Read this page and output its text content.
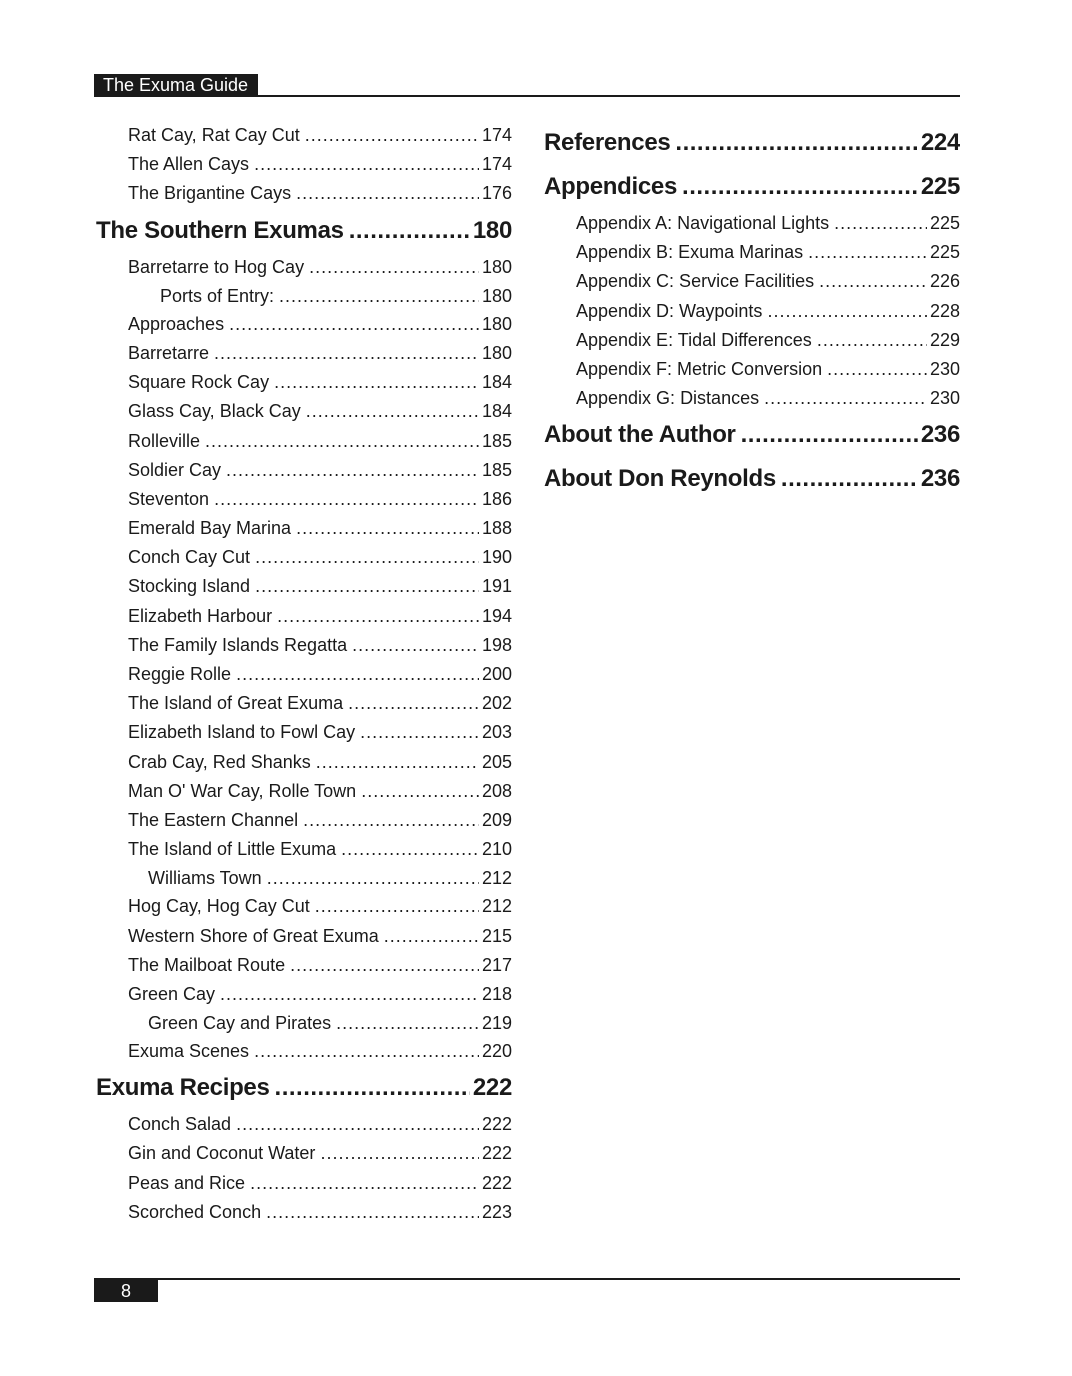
The Exuma Guide
Rat Cay, Rat Cay Cut .....	174
The Allen Cays .....	174
The Brigantine Cays .....	176
The Southern Exumas .....	180
Barretarre to Hog Cay .....	180
Ports of Entry: .....	180
Approaches .....	180
Barretarre .....	180
Square Rock Cay .....	184
Glass Cay, Black Cay .....	184
Rolleville .....	185
Soldier Cay .....	185
Steventon .....	186
Emerald Bay Marina .....	188
Conch Cay Cut .....	190
Stocking Island .....	191
Elizabeth Harbour .....	194
The Family Islands Regatta .....	198
Reggie Rolle .....	200
The Island of Great Exuma .....	202
Elizabeth Island to Fowl Cay .....	203
Crab Cay, Red Shanks .....	205
Man O' War Cay, Rolle Town .....	208
The Eastern Channel .....	209
The Island of Little Exuma .....	210
Williams Town .....	212
Hog Cay, Hog Cay Cut .....	212
Western Shore of Great Exuma .....	215
The Mailboat Route .....	217
Green Cay .....	218
Green Cay and Pirates .....	219
Exuma Scenes .....	220
Exuma Recipes .....	222
Conch Salad .....	222
Gin and Coconut Water .....	222
Peas and Rice .....	222
Scorched Conch .....	223
References .....	224
Appendices .....	225
Appendix A: Navigational Lights .....	225
Appendix B: Exuma Marinas .....	225
Appendix C: Service Facilities .....	226
Appendix D: Waypoints .....	228
Appendix E: Tidal Differences .....	229
Appendix F: Metric Conversion .....	230
Appendix G: Distances .....	230
About the Author .....	236
About Don Reynolds .....	236
8
